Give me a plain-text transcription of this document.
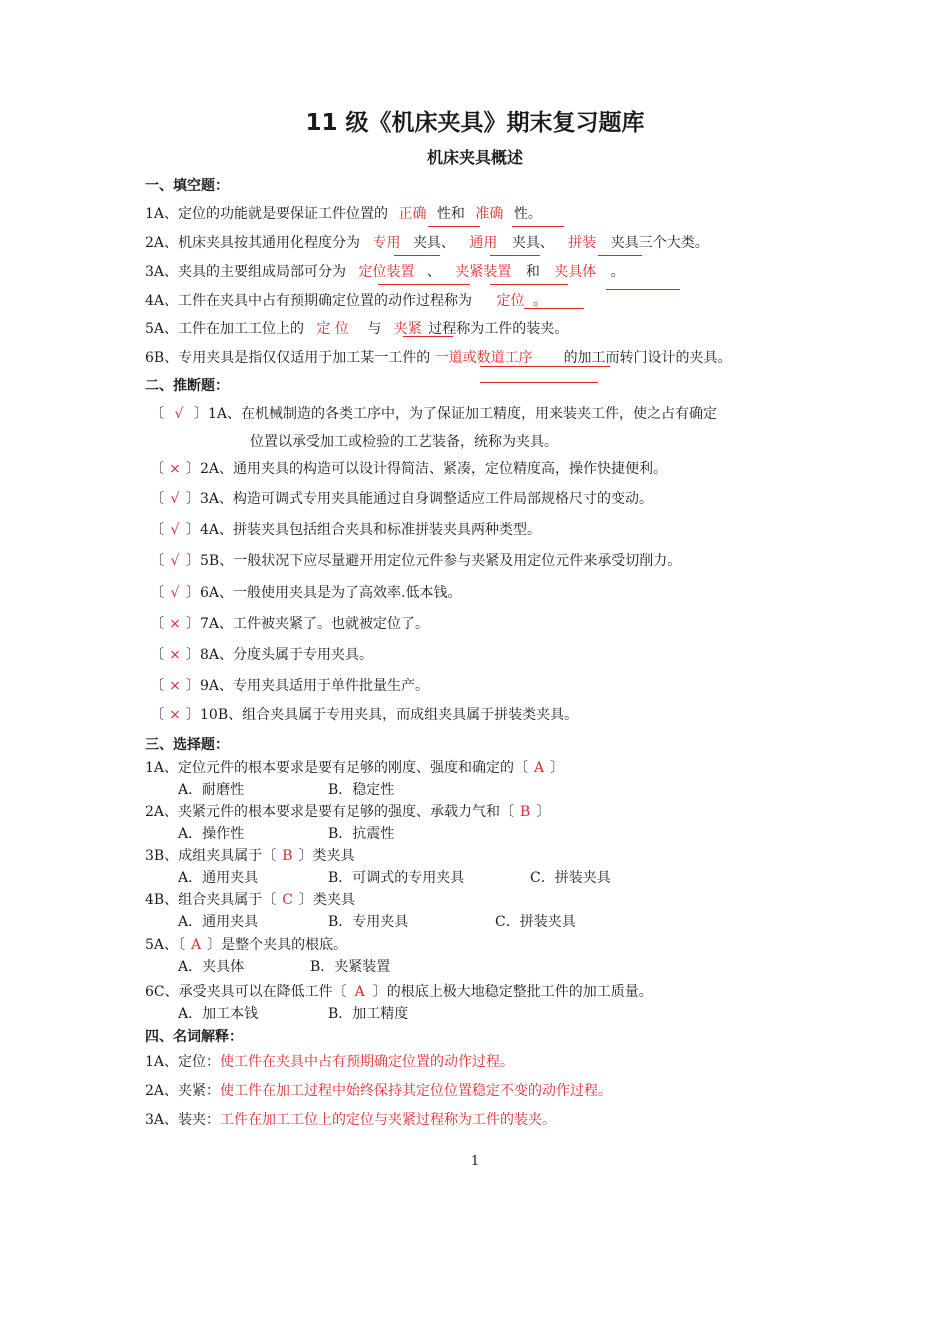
11 级《机床夹具》期末复习题库
机床夹具概述
一、填空题：
1A、定位的功能就是要保证工件位置的 正确 性和 准确 性。
2A、机床夹具按其通用化程度分为 专用 夹具、 通用 夹具、 拼装 夹具三个大类。
3A、夹具的主要组成局部可分为 定位装置 、 夹紧装置 和 夹具体 。
4A、工件在夹具中占有预期确定位置的动作过程称为 定位 。
5A、工件在加工工位上的 定 位 与 夹紧 过程称为工件的装夹。
6B、专用夹具是指仅仅适用于加工某一工件的 一道或数道工序 的加工而转门设计的夹具。
二、推断题：
〔 √ 〕1A、在机械制造的各类工序中，为了保证加工精度，用来装夹工件，使之占有确定
位置以承受加工或检验的工艺装备，统称为夹具。
〔 × 〕2A、通用夹具的构造可以设计得简洁、紧凑，定位精度高，操作快捷便利。
〔 √ 〕3A、构造可调式专用夹具能通过自身调整适应工件局部规格尺寸的变动。
〔 √ 〕4A、拼装夹具包括组合夹具和标准拼装夹具两种类型。
〔 √ 〕5B、一般状况下应尽量避开用定位元件参与夹紧及用定位元件来承受切削力。
〔 √ 〕6A、一般使用夹具是为了高效率.低本钱。
〔 × 〕7A、工件被夹紧了。也就被定位了。
〔 × 〕8A、分度头属于专用夹具。
〔 × 〕9A、专用夹具适用于单件批量生产。
〔 × 〕10B、组合夹具属于专用夹具，而成组夹具属于拼装类夹具。
三、选择题：
1A、定位元件的根本要求是要有足够的刚度、强度和确定的〔 A 〕
A．耐磨性	B．稳定性
2A、夹紧元件的根本要求是要有足够的强度、承载力气和〔 B 〕
A．操作性	B．抗震性
3B、成组夹具属于〔 B 〕类夹具
A．通用夹具	B．可调式的专用夹具	C．拼装夹具
4B、组合夹具属于〔 C 〕类夹具
A．通用夹具	B．专用夹具	C．拼装夹具
5A、〔 A 〕是整个夹具的根底。
A．夹具体	B．夹紧装置
6C、承受夹具可以在降低工件〔 A 〕的根底上极大地稳定整批工件的加工质量。
A．加工本钱	B．加工精度
四、名词解释：
1A、定位：使工件在夹具中占有预期确定位置的动作过程。
2A、夹紧：使工件在加工过程中始终保持其定位位置稳定不变的动作过程。
3A、装夹：工件在加工工位上的定位与夹紧过程称为工件的装夹。
1
